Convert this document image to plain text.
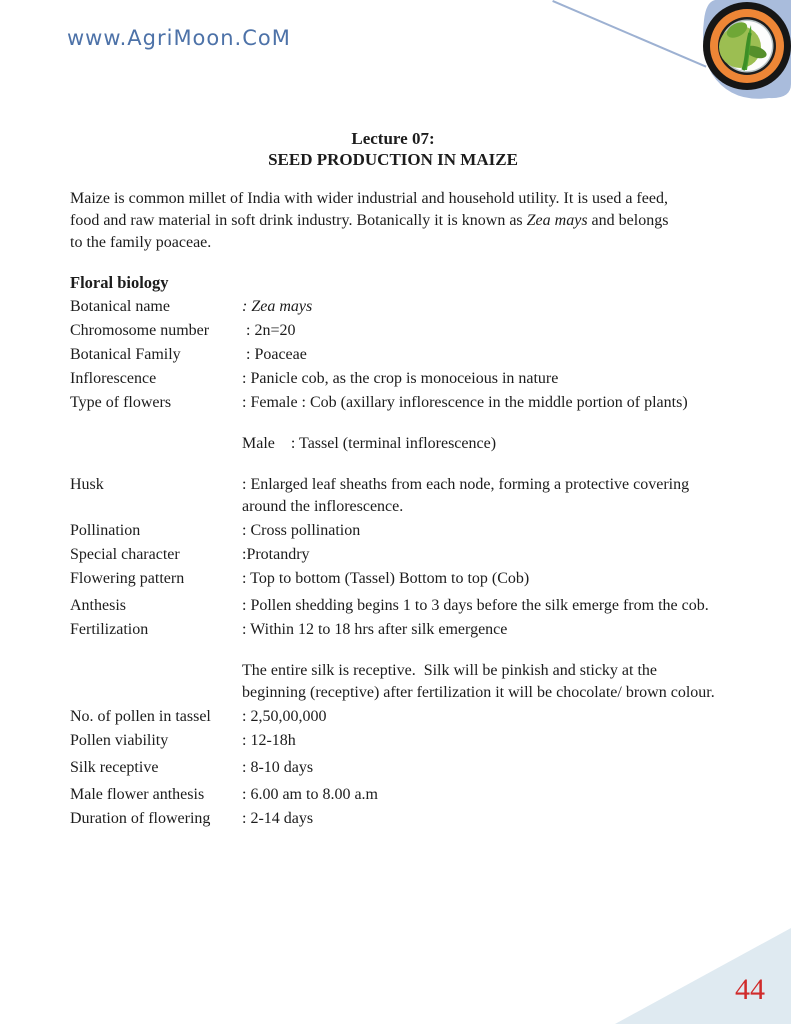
www.AgriMoon.CoM
Lecture 07:
SEED PRODUCTION IN MAIZE
Maize is common millet of India with wider industrial and household utility. It is used a feed,
food and raw material in soft drink industry. Botanically it is known as Zea mays and belongs
to the family poaceae.
Floral biology
Botanical name	: Zea mays
Chromosome number	: 2n=20
Botanical Family	: Poaceae
Inflorescence	: Panicle cob, as the crop is monoceious in nature
Type of flowers	: Female : Cob (axillary inflorescence in the middle portion of plants)
Male    : Tassel (terminal inflorescence)
Husk	: Enlarged leaf sheaths from each node, forming a protective covering around the inflorescence.
Pollination	: Cross pollination
Special character	:Protandry
Flowering pattern	: Top to bottom (Tassel) Bottom to top (Cob)
Anthesis	: Pollen shedding begins 1 to 3 days before the silk emerge from the cob.
Fertilization	: Within 12 to 18 hrs after silk emergence
The entire silk is receptive.  Silk will be pinkish and sticky at the beginning (receptive) after fertilization it will be chocolate/ brown colour.
No. of pollen in tassel	: 2,50,00,000
Pollen viability	: 12-18h
Silk receptive	: 8-10 days
Male flower anthesis	: 6.00 am to 8.00 a.m
Duration of flowering	: 2-14 days
44
